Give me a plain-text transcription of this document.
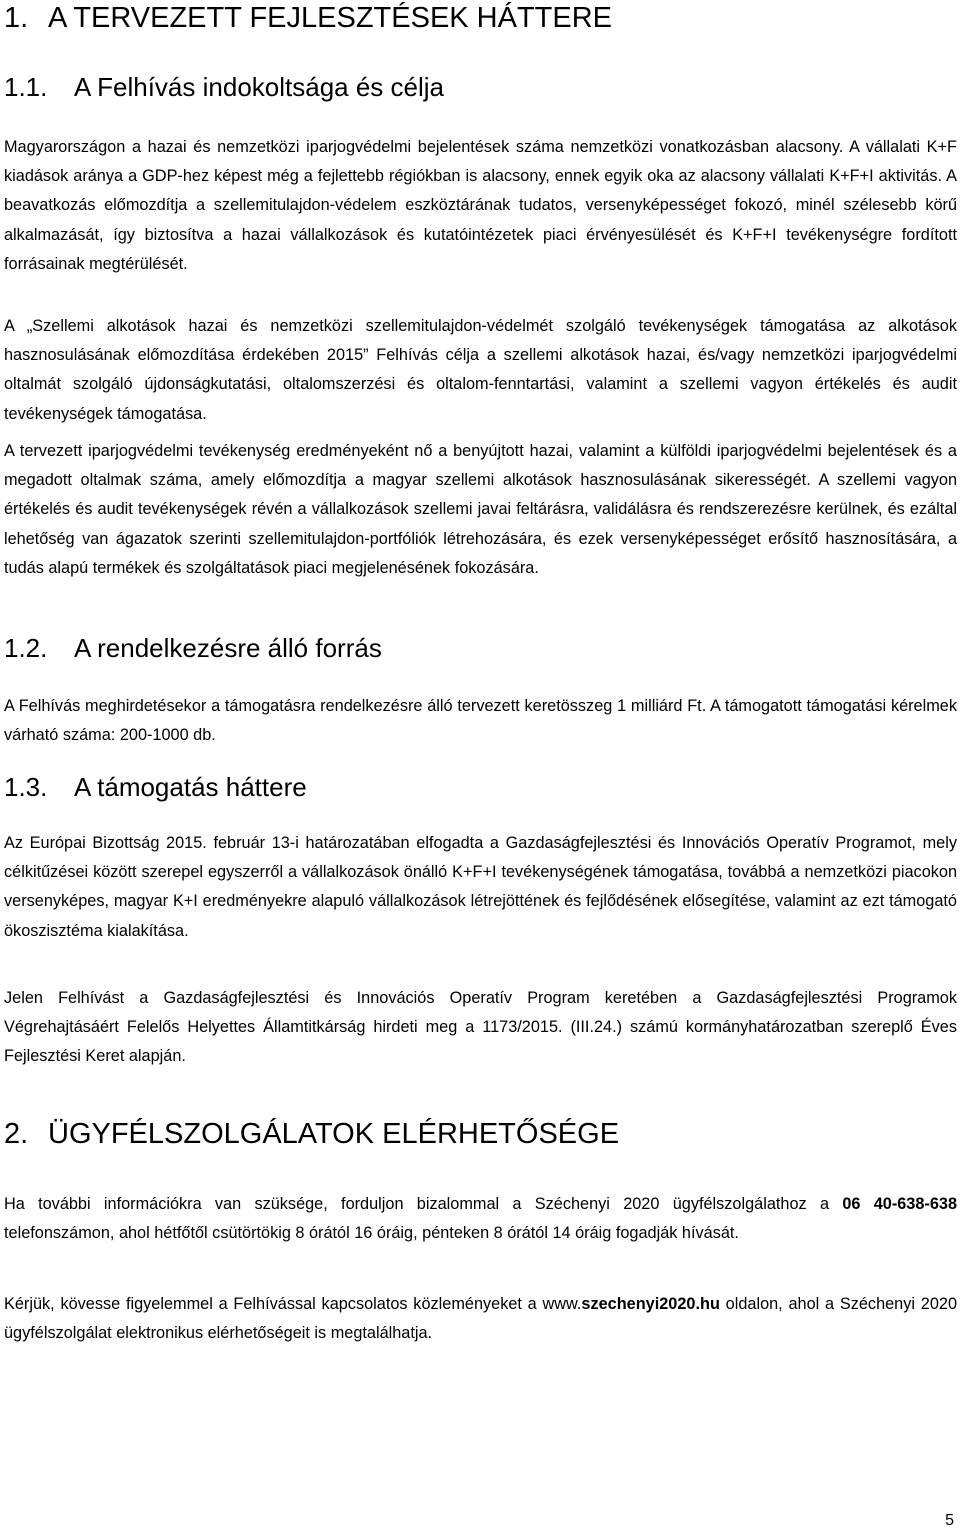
1. A TERVEZETT FEJLESZTÉSEK HÁTTERE
1.1. A Felhívás indokoltsága és célja

Magyarországon a hazai és nemzetközi iparjogvédelmi bejelentések száma nemzetközi vonatkozásban alacsony. A vállalati K+F kiadások aránya a GDP-hez képest még a fejlettebb régiókban is alacsony, ennek egyik oka az alacsony vállalati K+F+I aktivitás. A beavatkozás előmozdítja a szellemitulajdon-védelem eszköztárának tudatos, versenyképességet fokozó, minél szélesebb körű alkalmazását, így biztosítva a hazai vállalkozások és kutatóintézetek piaci érvényesülését és K+F+I tevékenységre fordított forrásainak megtérülését.

A „Szellemi alkotások hazai és nemzetközi szellemitulajdon-védelmét szolgáló tevékenységek támogatása az alkotások hasznosulásának előmozdítása érdekében 2015” Felhívás célja a szellemi alkotások hazai, és/vagy nemzetközi iparjogvédelmi oltalmát szolgáló újdonságkutatási, oltalomszerzési és oltalom-fenntartási, valamint a szellemi vagyon értékelés és audit tevékenységek támogatása.

A tervezett iparjogvédelmi tevékenység eredményeként nő a benyújtott hazai, valamint a külföldi iparjogvédelmi bejelentések és a megadott oltalmak száma, amely előmozdítja a magyar szellemi alkotások hasznosulásának sikerességét. A szellemi vagyon értékelés és audit tevékenységek révén a vállalkozások szellemi javai feltárásra, validálásra és rendszerezésre kerülnek, és ezáltal lehetőség van ágazatok szerinti szellemitulajdon-portfóliók létrehozására, és ezek versenyképességet erősítő hasznosítására, a tudás alapú termékek és szolgáltatások piaci megjelenésének fokozására.

1.2. A rendelkezésre álló forrás

A Felhívás meghirdetésekor a támogatásra rendelkezésre álló tervezett keretösszeg 1 milliárd Ft. A támogatott támogatási kérelmek várható száma: 200-1000 db.

1.3. A támogatás háttere

Az Európai Bizottság 2015. február 13-i határozatában elfogadta a Gazdaságfejlesztési és Innovációs Operatív Programot, mely célkitűzései között szerepel egyszerről a vállalkozások önálló K+F+I tevékenységének támogatása, továbbá a nemzetközi piacokon versenyképes, magyar K+I eredményekre alapuló vállalkozások létrejöttének és fejlődésének elősegítése, valamint az ezt támogató ökoszisztéma kialakítása.

Jelen Felhívást a Gazdaságfejlesztési és Innovációs Operatív Program keretében a Gazdaságfejlesztési Programok Végrehajtásáért Felelős Helyettes Államtitkárság hirdeti meg a 1173/2015. (III.24.) számú kormányhatározatban szereplő Éves Fejlesztési Keret alapján.

2. ÜGYFÉLSZOLGÁLATOK ELÉRHETŐSÉGE

Ha további információkra van szüksége, forduljon bizalommal a Széchenyi 2020 ügyfélszolgálathoz a 06 40-638-638 telefonszámon, ahol hétfőtől csütörtökig 8 órától 16 óráig, pénteken 8 órától 14 óráig fogadják hívását.

Kérjük, kövesse figyelemmel a Felhívással kapcsolatos közleményeket a www.szechenyi2020.hu oldalon, ahol a Széchenyi 2020 ügyfélszolgálat elektronikus elérhetőségeit is megtalálhatja.

5
